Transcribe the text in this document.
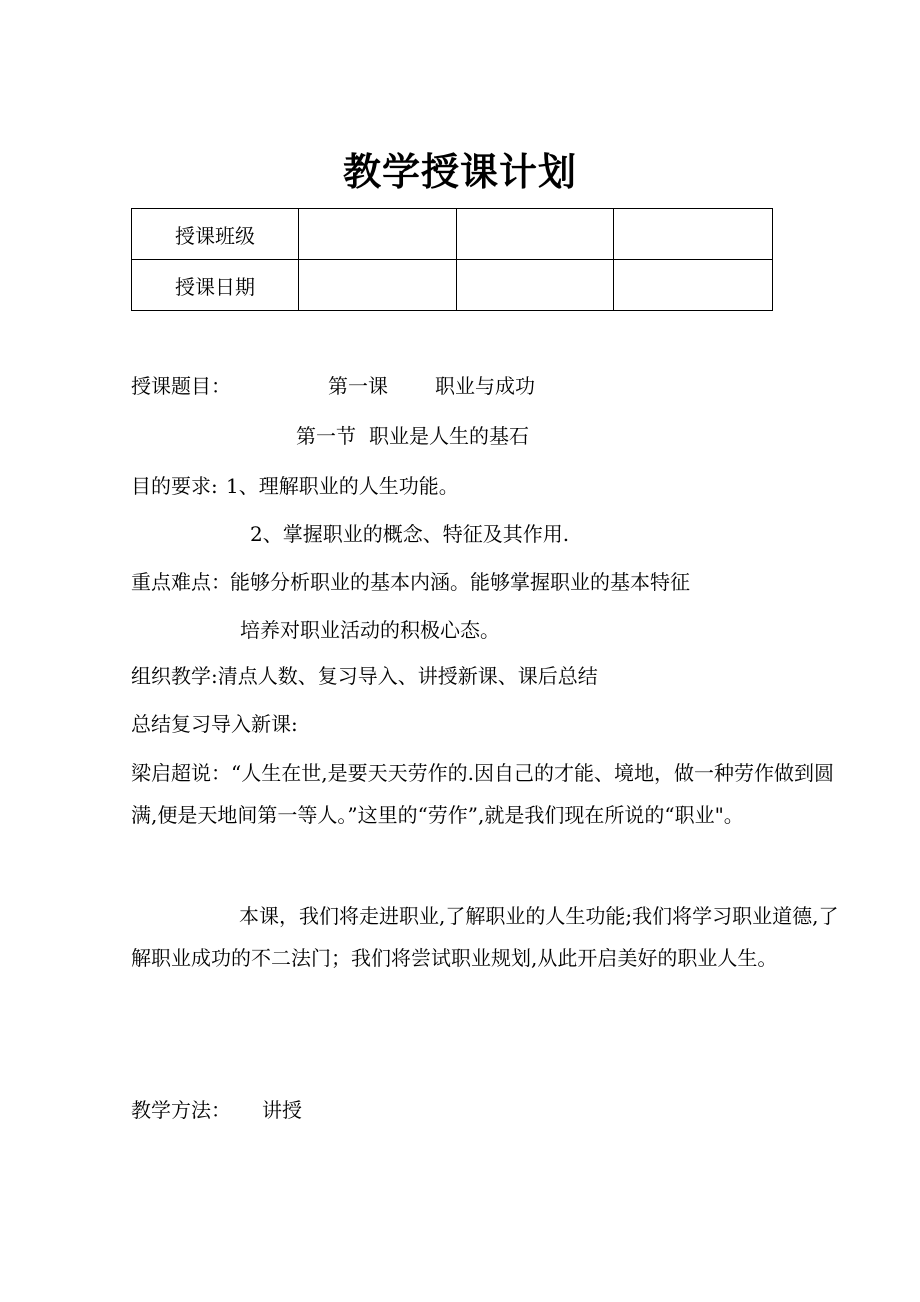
教学授课计划
授课班级			
授课日期			
授课题目：	第一课 职业与成功
第一节 职业是人生的基石
目的要求: 1、理解职业的人生功能。
2、掌握职业的概念、特征及其作用.
重点难点： 能够分析职业的基本内涵。能够掌握职业的基本特征
培养对职业活动的积极心态。
组织教学:清点人数、复习导入、讲授新课、课后总结
总结复习导入新课:
梁启超说：“人生在世,是要天天劳作的.因自己的才能、境地，做一种劳作做到圆满,便是天地间第一等人。”这里的“劳作”,就是我们现在所说的“职业"。
本课，我们将走进职业,了解职业的人生功能;我们将学习职业道德,了解职业成功的不二法门；我们将尝试职业规划,从此开启美好的职业人生。
教学方法： 讲授
